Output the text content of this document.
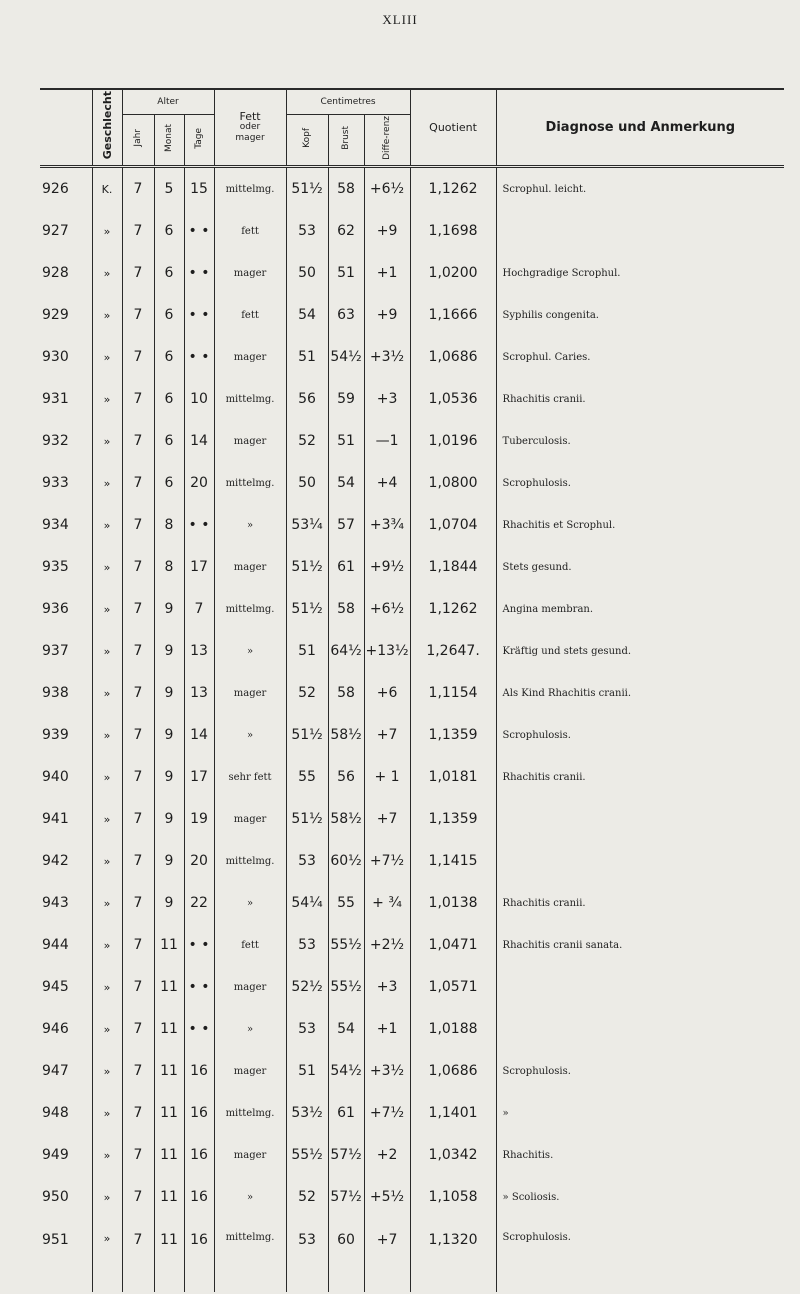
XLIII
	Geschlecht	Alter			Fett
oder
mager	Centimetres			Quotient	Diagnose und Anmerkung
		Jahr	Monat	Tage		Kopf	Brust	Diffe-renz		
926	K.	7	5	15	mittelmg.	51½	58	+6½	1,1262	Scrophul. leicht.
927	»	7	6	• •	fett	53	62	+9	1,1698	
928	»	7	6	• •	mager	50	51	+1	1,0200	Hochgradige Scrophul.
929	»	7	6	• •	fett	54	63	+9	1,1666	Syphilis congenita.
930	»	7	6	• •	mager	51	54½	+3½	1,0686	Scrophul. Caries.
931	»	7	6	10	mittelmg.	56	59	+3	1,0536	Rhachitis cranii.
932	»	7	6	14	mager	52	51	—1	1,0196	Tuberculosis.
933	»	7	6	20	mittelmg.	50	54	+4	1,0800	Scrophulosis.
934	»	7	8	• •	»	53¼	57	+3¾	1,0704	Rhachitis et Scrophul.
935	»	7	8	17	mager	51½	61	+9½	1,1844	Stets gesund.
936	»	7	9	7	mittelmg.	51½	58	+6½	1,1262	Angina membran.
937	»	7	9	13	»	51	64½	+13½	1,2647.	Kräftig und stets gesund.
938	»	7	9	13	mager	52	58	+6	1,1154	Als Kind Rhachitis cranii.
939	»	7	9	14	»	51½	58½	+7	1,1359	Scrophulosis.
940	»	7	9	17	sehr fett	55	56	+ 1	1,0181	Rhachitis cranii.
941	»	7	9	19	mager	51½	58½	+7	1,1359	
942	»	7	9	20	mittelmg.	53	60½	+7½	1,1415	
943	»	7	9	22	»	54¼	55	+ ¾	1,0138	Rhachitis cranii.
944	»	7	11	• •	fett	53	55½	+2½	1,0471	Rhachitis cranii sanata.
945	»	7	11	• •	mager	52½	55½	+3	1,0571	
946	»	7	11	• •	»	53	54	+1	1,0188	
947	»	7	11	16	mager	51	54½	+3½	1,0686	Scrophulosis.
948	»	7	11	16	mittelmg.	53½	61	+7½	1,1401	»
949	»	7	11	16	mager	55½	57½	+2	1,0342	Rhachitis.
950	»	7	11	16	»	52	57½	+5½	1,1058	» Scoliosis.
951	»	7	11	16	mittelmg.	53	60	+7	1,1320	Scrophulosis.
